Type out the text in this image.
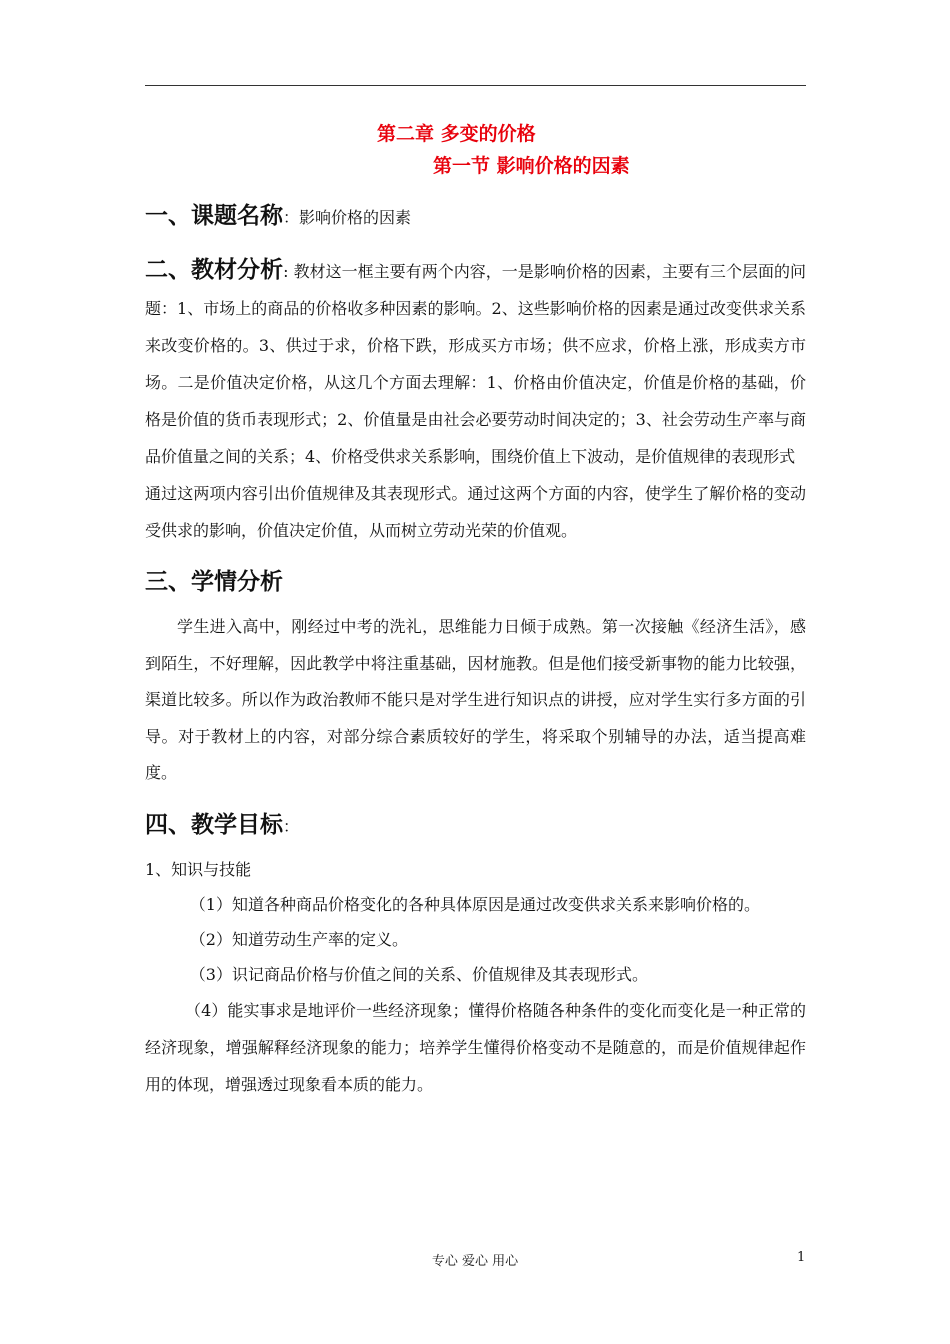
第二章 多变的价格
第一节 影响价格的因素
一、课题名称：影响价格的因素

二、教材分析: 教材这一框主要有两个内容，一是影响价格的因素，主要有三个层面的问题：1、市场上的商品的价格收多种因素的影响。2、这些影响价格的因素是通过改变供求关系来改变价格的。3、供过于求，价格下跌，形成买方市场；供不应求，价格上涨，形成卖方市场。二是价值决定价格，从这几个方面去理解：1、价格由价值决定，价值是价格的基础，价格是价值的货币表现形式；2、价值量是由社会必要劳动时间决定的；3、社会劳动生产率与商品价值量之间的关系；4、价格受供求关系影响，围绕价值上下波动，是价值规律的表现形式

通过这两项内容引出价值规律及其表现形式。通过这两个方面的内容，使学生了解价格的变动受供求的影响，价值决定价值，从而树立劳动光荣的价值观。

三、学情分析

学生进入高中，刚经过中考的洗礼，思维能力日倾于成熟。第一次接触《经济生活》，感到陌生，不好理解，因此教学中将注重基础，因材施教。但是他们接受新事物的能力比较强，渠道比较多。所以作为政治教师不能只是对学生进行知识点的讲授，应对学生实行多方面的引导。对于教材上的内容，对部分综合素质较好的学生，将采取个别辅导的办法，适当提高难度。

四、教学目标：

1、知识与技能

（1）知道各种商品价格变化的各种具体原因是通过改变供求关系来影响价格的。

（2）知道劳动生产率的定义。

（3）识记商品价格与价值之间的关系、价值规律及其表现形式。

（4）能实事求是地评价一些经济现象；懂得价格随各种条件的变化而变化是一种正常的经济现象，增强解释经济现象的能力；培养学生懂得价格变动不是随意的，而是价值规律起作用的体现，增强透过现象看本质的能力。

专心 爱心 用心	1
